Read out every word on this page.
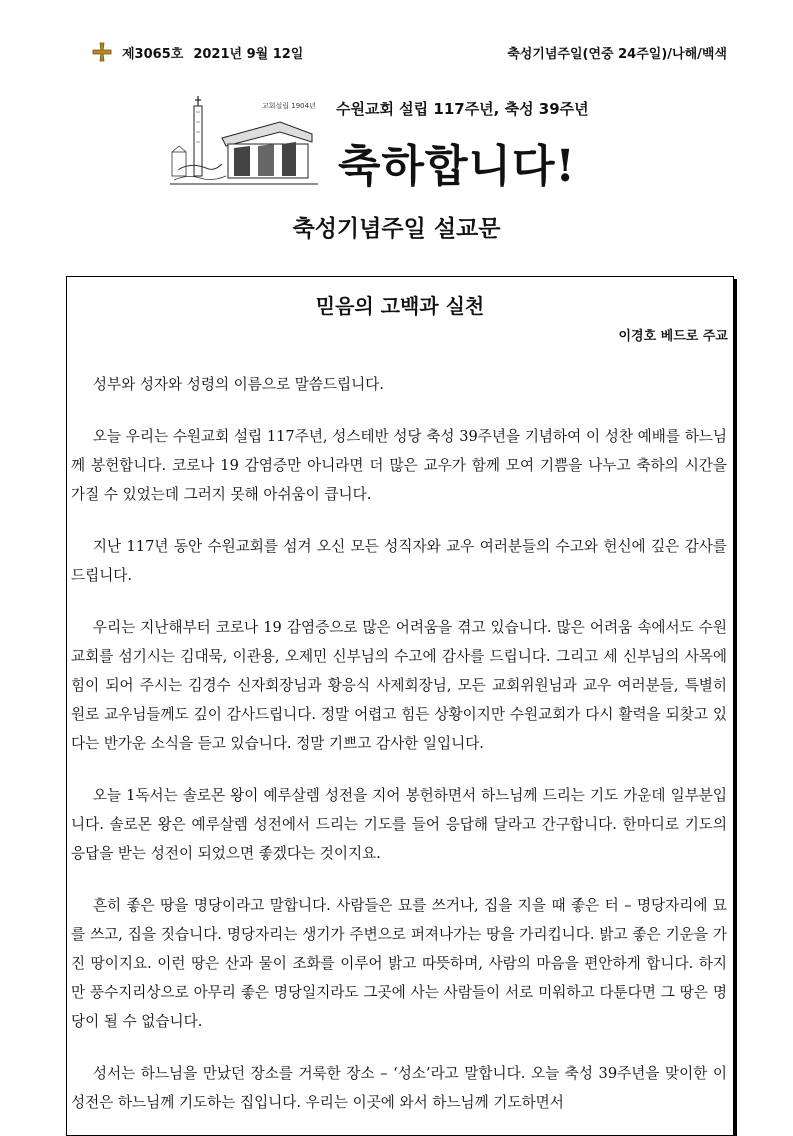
제3065호 2021년 9월 12일	축성기념주일(연중 24주일)/나해/백색
교회설립 1904년 수원교회 설립 117주년, 축성 39주년
축하합니다!
축성기념주일 설교문
믿음의 고백과 실천
이경호 베드로 주교

성부와 성자와 성령의 이름으로 말씀드립니다.

오늘 우리는 수원교회 설립 117주년, 성스테반 성당 축성 39주년을 기념하여 이 성찬 예배를 하느님께 봉헌합니다. 코로나 19 감염증만 아니라면 더 많은 교우가 함께 모여 기쁨을 나누고 축하의 시간을 가질 수 있었는데 그러지 못해 아쉬움이 큽니다.

지난 117년 동안 수원교회를 섬겨 오신 모든 성직자와 교우 여러분들의 수고와 헌신에 깊은 감사를 드립니다.

우리는 지난해부터 코로나 19 감염증으로 많은 어려움을 겪고 있습니다. 많은 어려움 속에서도 수원교회를 섬기시는 김대묵, 이관용, 오제민 신부님의 수고에 감사를 드립니다. 그리고 세 신부님의 사목에 힘이 되어 주시는 김경수 신자회장님과 황응식 사제회장님, 모든 교회위원님과 교우 여러분들, 특별히 원로 교우님들께도 깊이 감사드립니다. 정말 어렵고 힘든 상황이지만 수원교회가 다시 활력을 되찾고 있다는 반가운 소식을 듣고 있습니다. 정말 기쁘고 감사한 일입니다.

오늘 1독서는 솔로몬 왕이 예루살렘 성전을 지어 봉헌하면서 하느님께 드리는 기도 가운데 일부분입니다. 솔로몬 왕은 예루살렘 성전에서 드리는 기도를 들어 응답해 달라고 간구합니다. 한마디로 기도의 응답을 받는 성전이 되었으면 좋겠다는 것이지요.

흔히 좋은 땅을 명당이라고 말합니다. 사람들은 묘를 쓰거나, 집을 지을 때 좋은 터 – 명당자리에 묘를 쓰고, 집을 짓습니다. 명당자리는 생기가 주변으로 퍼져나가는 땅을 가리킵니다. 밝고 좋은 기운을 가진 땅이지요. 이런 땅은 산과 물이 조화를 이루어 밝고 따뜻하며, 사람의 마음을 편안하게 합니다. 하지만 풍수지리상으로 아무리 좋은 명당일지라도 그곳에 사는 사람들이 서로 미워하고 다툰다면 그 땅은 명당이 될 수 없습니다.

성서는 하느님을 만났던 장소를 거룩한 장소 – ‘성소’라고 말합니다. 오늘 축성 39주년을 맞이한 이 성전은 하느님께 기도하는 집입니다. 우리는 이곳에 와서 하느님께 기도하면서
